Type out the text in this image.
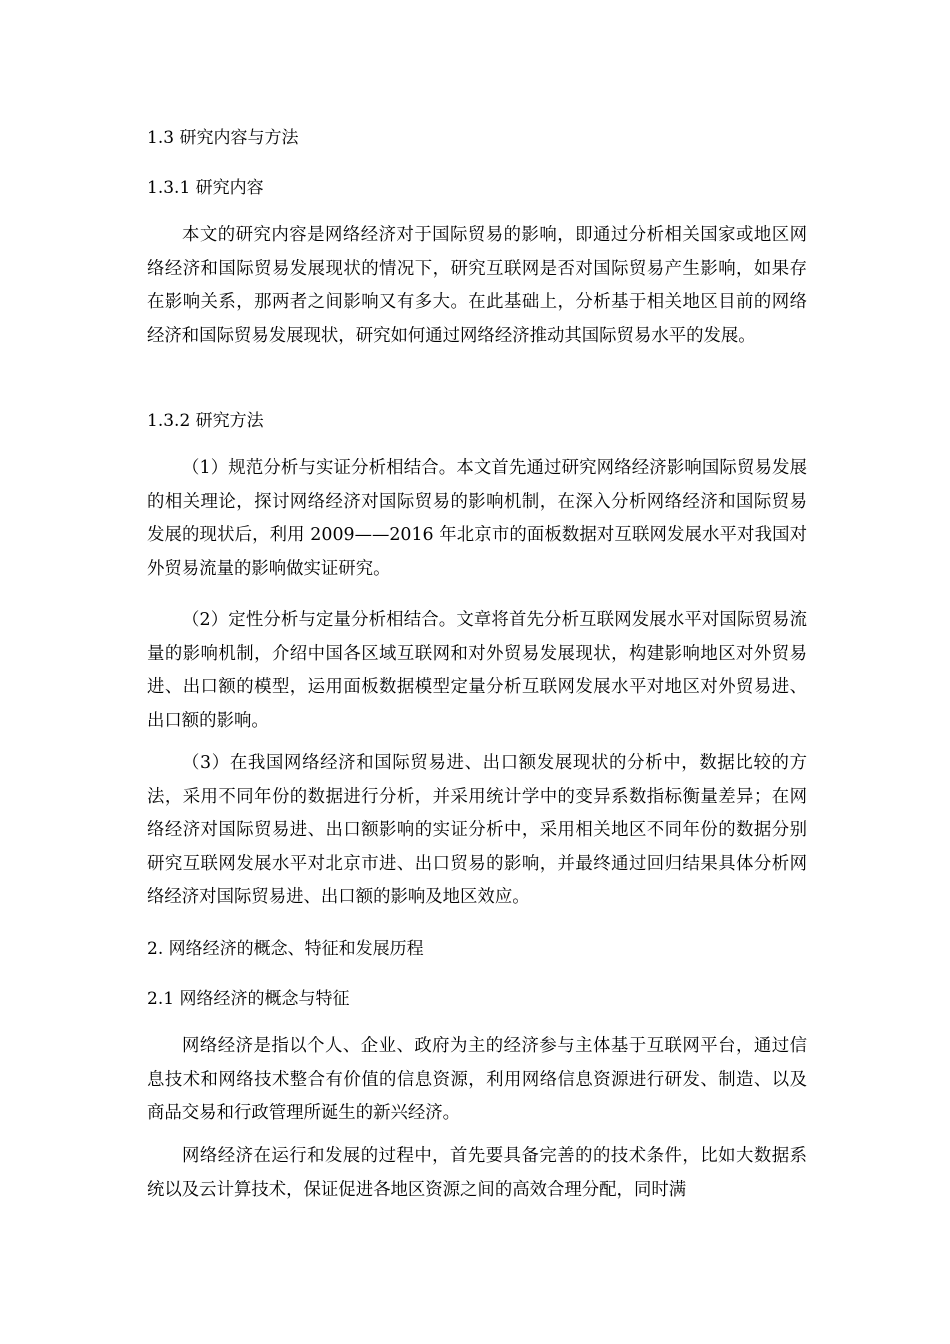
1.3 研究内容与方法
1.3.1 研究内容
本文的研究内容是网络经济对于国际贸易的影响，即通过分析相关国家或地区网络经济和国际贸易发展现状的情况下，研究互联网是否对国际贸易产生影响，如果存在影响关系，那两者之间影响又有多大。在此基础上，分析基于相关地区目前的网络经济和国际贸易发展现状，研究如何通过网络经济推动其国际贸易水平的发展。
1.3.2 研究方法
（1）规范分析与实证分析相结合。本文首先通过研究网络经济影响国际贸易发展的相关理论，探讨网络经济对国际贸易的影响机制，在深入分析网络经济和国际贸易发展的现状后，利用 2009——2016 年北京市的面板数据对互联网发展水平对我国对外贸易流量的影响做实证研究。
（2）定性分析与定量分析相结合。文章将首先分析互联网发展水平对国际贸易流量的影响机制，介绍中国各区域互联网和对外贸易发展现状，构建影响地区对外贸易进、出口额的模型，运用面板数据模型定量分析互联网发展水平对地区对外贸易进、出口额的影响。
（3）在我国网络经济和国际贸易进、出口额发展现状的分析中，数据比较的方法，采用不同年份的数据进行分析，并采用统计学中的变异系数指标衡量差异；在网络经济对国际贸易进、出口额影响的实证分析中，采用相关地区不同年份的数据分别研究互联网发展水平对北京市进、出口贸易的影响，并最终通过回归结果具体分析网络经济对国际贸易进、出口额的影响及地区效应。
2. 网络经济的概念、特征和发展历程
2.1 网络经济的概念与特征
网络经济是指以个人、企业、政府为主的经济参与主体基于互联网平台，通过信息技术和网络技术整合有价值的信息资源，利用网络信息资源进行研发、制造、以及商品交易和行政管理所诞生的新兴经济。
网络经济在运行和发展的过程中，首先要具备完善的的技术条件，比如大数据系统以及云计算技术，保证促进各地区资源之间的高效合理分配，同时满
